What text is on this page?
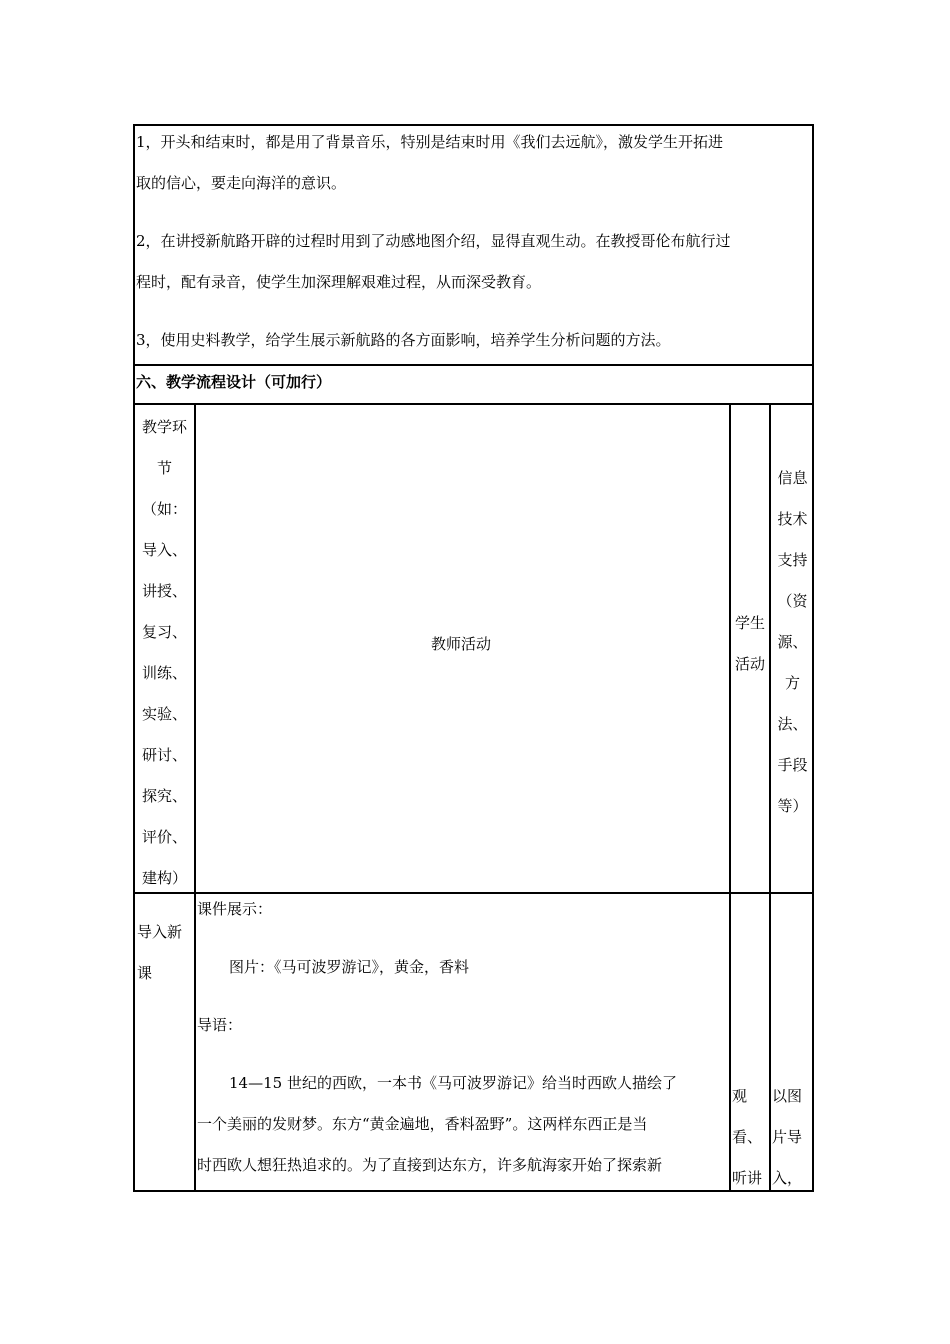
1，开头和结束时，都是用了背景音乐，特别是结束时用《我们去远航》，激发学生开拓进
取的信心，要走向海洋的意识。
2，在讲授新航路开辟的过程时用到了动感地图介绍，显得直观生动。在教授哥伦布航行过
程时，配有录音，使学生加深理解艰难过程，从而深受教育。
3，使用史料教学，给学生展示新航路的各方面影响，培养学生分析问题的方法。
六、教学流程设计（可加行）
教学环
节
（如：
导入、
讲授、
复习、
训练、
实验、
研讨、
探究、
评价、
建构）
教师活动
学生
活动
信息
技术
支持
（资
源、
方
法、
手段
等）
导入新
课
课件展示：
图片：《马可波罗游记》，黄金，香料
导语：
14—15 世纪的西欧，一本书《马可波罗游记》给当时西欧人描绘了
一个美丽的发财梦。东方“黄金遍地，香料盈野”。这两样东西正是当
时西欧人想狂热追求的。为了直接到达东方，许多航海家开始了探索新
观
看、
听讲
以图
片导
入，
